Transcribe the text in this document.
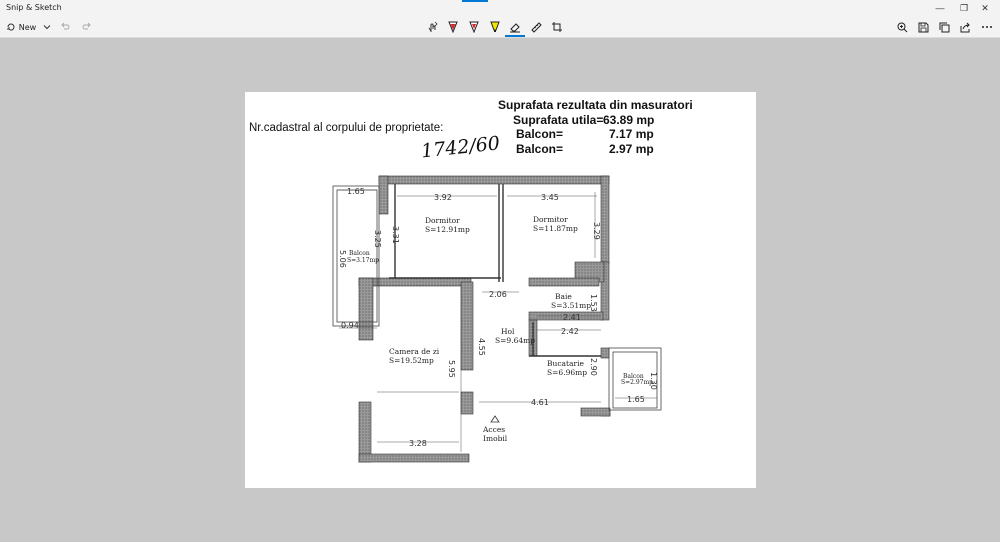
Snip & Sketch	—	❐	✕
New
Nr.cadastral al corpului de proprietate:
1742/60
Suprafata rezultata din masuratori
Suprafata utila= 63.89 mp
Balcon=	7.17 mp
Balcon=	2.97 mp
1.65
3.92	3.45
3.25 3.31	3.29
5.06
2.06	1.53
2.41
0.94
2.42
4.55
5.95	2.90
1.30
4.61	1.65
3.28
Dormitor
S=12.91mp
Dormitor
S=11.87mp
Balcon
S=3.17mp
Baie
S=3.51mp
Hol
S=9.64mp
Camera de zi
S=19.52mp	Bucatarie
S=6.96mp	Balcon
S=2.97mp
Acces
Imobil
